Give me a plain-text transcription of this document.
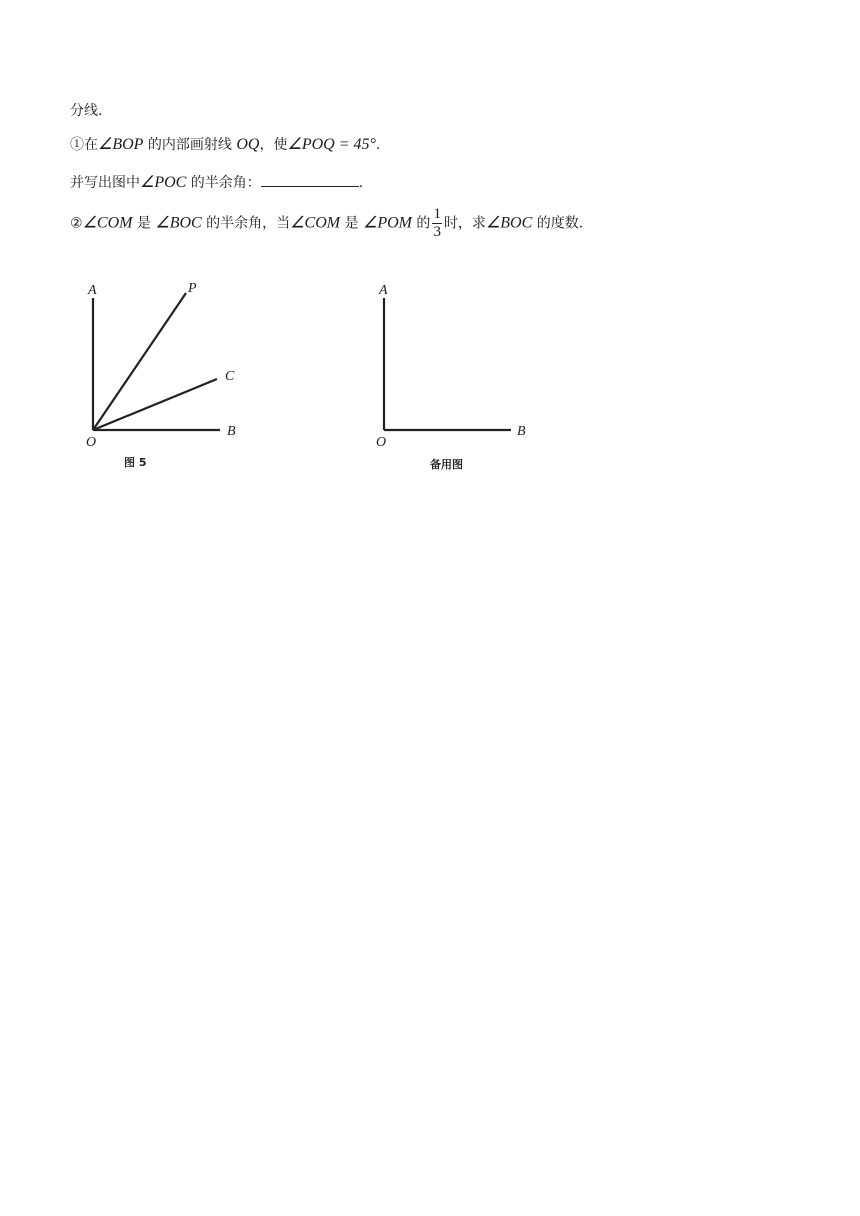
分线.
①在∠BOP 的内部画射线 OQ，使∠POQ = 45°.
并写出图中∠POC 的半余角：	.
②∠COM 是 ∠BOC 的半余角，当∠COM 是 ∠POM 的 $\frac{1}{3}$ 时，求∠BOC 的度数.
A	P
C
O
B
图 5
A
O
B
备用图
